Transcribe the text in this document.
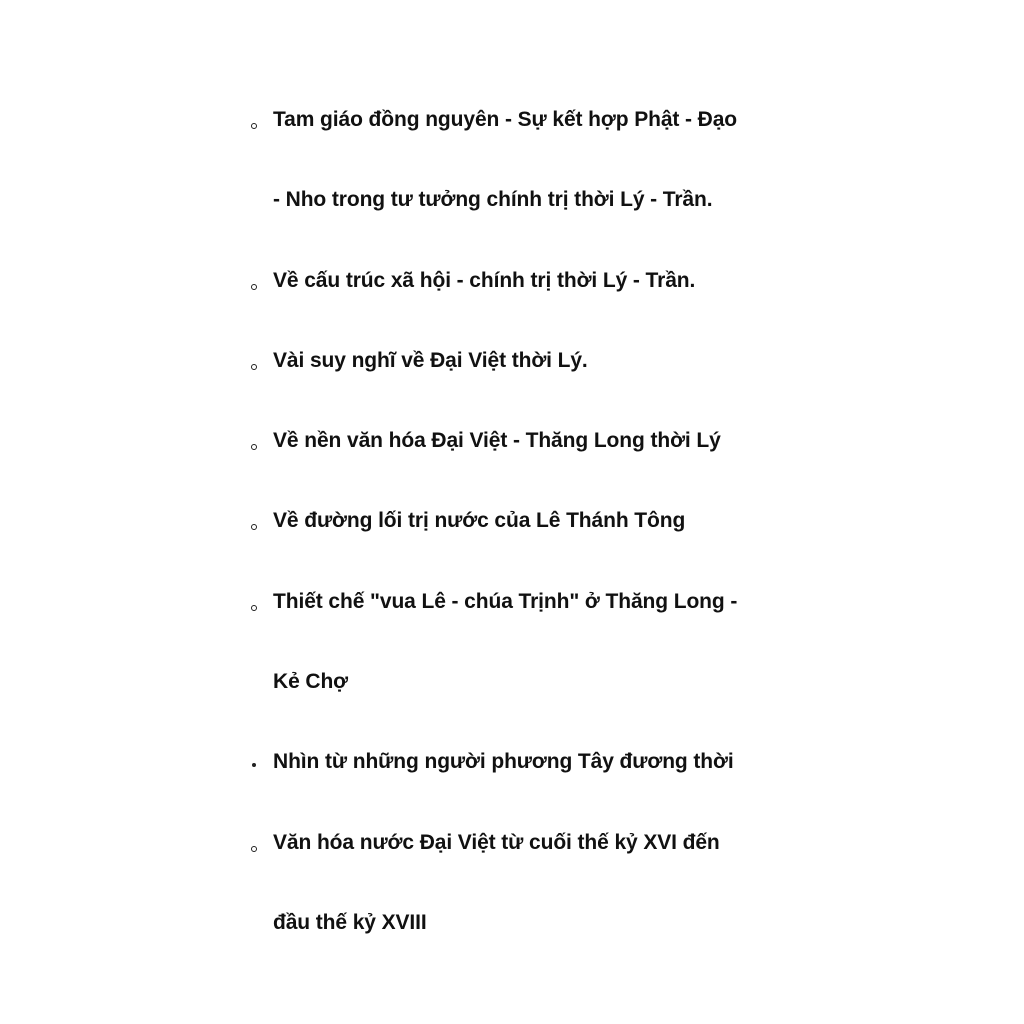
Tam giáo đồng nguyên - Sự kết hợp Phật - Đạo
- Nho trong tư tưởng chính trị thời Lý - Trần.
Về cấu trúc xã hội - chính trị thời Lý - Trần.
Vài suy nghĩ về Đại Việt thời Lý.
Về nền văn hóa Đại Việt - Thăng Long thời Lý
Về đường lối trị nước của Lê Thánh Tông
Thiết chế "vua Lê - chúa Trịnh" ở Thăng Long -
Kẻ Chợ
Nhìn từ những người phương Tây đương thời
Văn hóa nước Đại Việt từ cuối thế kỷ XVI đến
đầu thế kỷ XVIII
